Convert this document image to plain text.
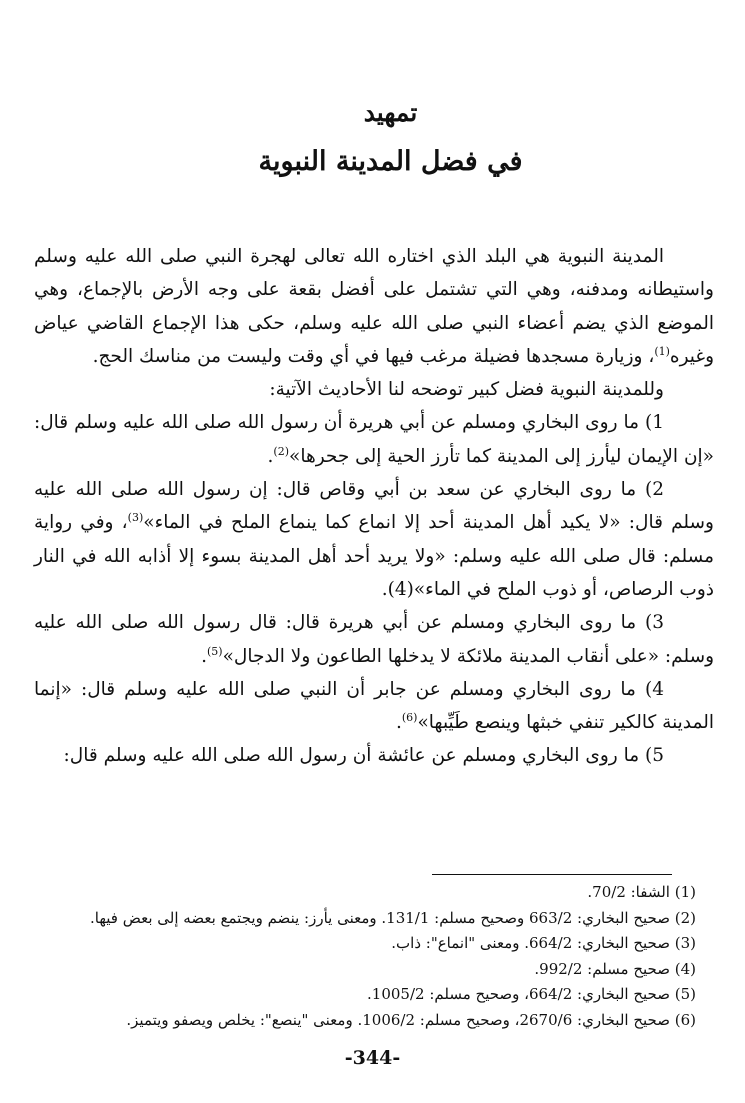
تمهيد
في فضل المدينة النبوية

المدينة النبوية هي البلد الذي اختاره الله تعالى لهجرة النبي صلى الله عليه وسلم واستيطانه ومدفنه، وهي التي تشتمل على أفضل بقعة على وجه الأرض بالإجماع، وهي الموضع الذي يضم أعضاء النبي صلى الله عليه وسلم، حكى هذا الإجماع القاضي عياض وغيره$^{(1)}$، وزيارة مسجدها فضيلة مرغب فيها في أي وقت وليست من مناسك الحج.

وللمدينة النبوية فضل كبير توضحه لنا الأحاديث الآتية:

1) ما روى البخاري ومسلم عن أبي هريرة أن رسول الله صلى الله عليه وسلم قال: «إن الإيمان ليأرز إلى المدينة كما تأرز الحية إلى جحرها»$^{(2)}$.

2) ما روى البخاري عن سعد بن أبي وقاص قال: إن رسول الله صلى الله عليه وسلم قال: «لا يكيد أهل المدينة أحد إلا انماع كما ينماع الملح في الماء»$^{(3)}$، وفي رواية مسلم: قال صلى الله عليه وسلم: «ولا يريد أحد أهل المدينة بسوء إلا أذابه الله في النار ذوب الرصاص، أو ذوب الملح في الماء»(4).

3) ما روى البخاري ومسلم عن أبي هريرة قال: قال رسول الله صلى الله عليه وسلم: «على أنقاب المدينة ملائكة لا يدخلها الطاعون ولا الدجال»$^{(5)}$.

4) ما روى البخاري ومسلم عن جابر أن النبي صلى الله عليه وسلم قال: «إنما المدينة كالكير تنفي خبثها وينصع طَيِّبها»$^{(6)}$.

5) ما روى البخاري ومسلم عن عائشة أن رسول الله صلى الله عليه وسلم قال:

(1) الشفا: 70/2.

(2) صحيح البخاري: 663/2 وصحيح مسلم: 131/1. ومعنى يأرز: ينضم ويجتمع بعضه إلى بعض فيها.

(3) صحيح البخاري: 664/2. ومعنى "انماع": ذاب.

(4) صحيح مسلم: 992/2.

(5) صحيح البخاري: 664/2، وصحيح مسلم: 1005/2.

(6) صحيح البخاري: 2670/6، وصحيح مسلم: 1006/2. ومعنى "ينصع": يخلص ويصفو ويتميز.

-344-
